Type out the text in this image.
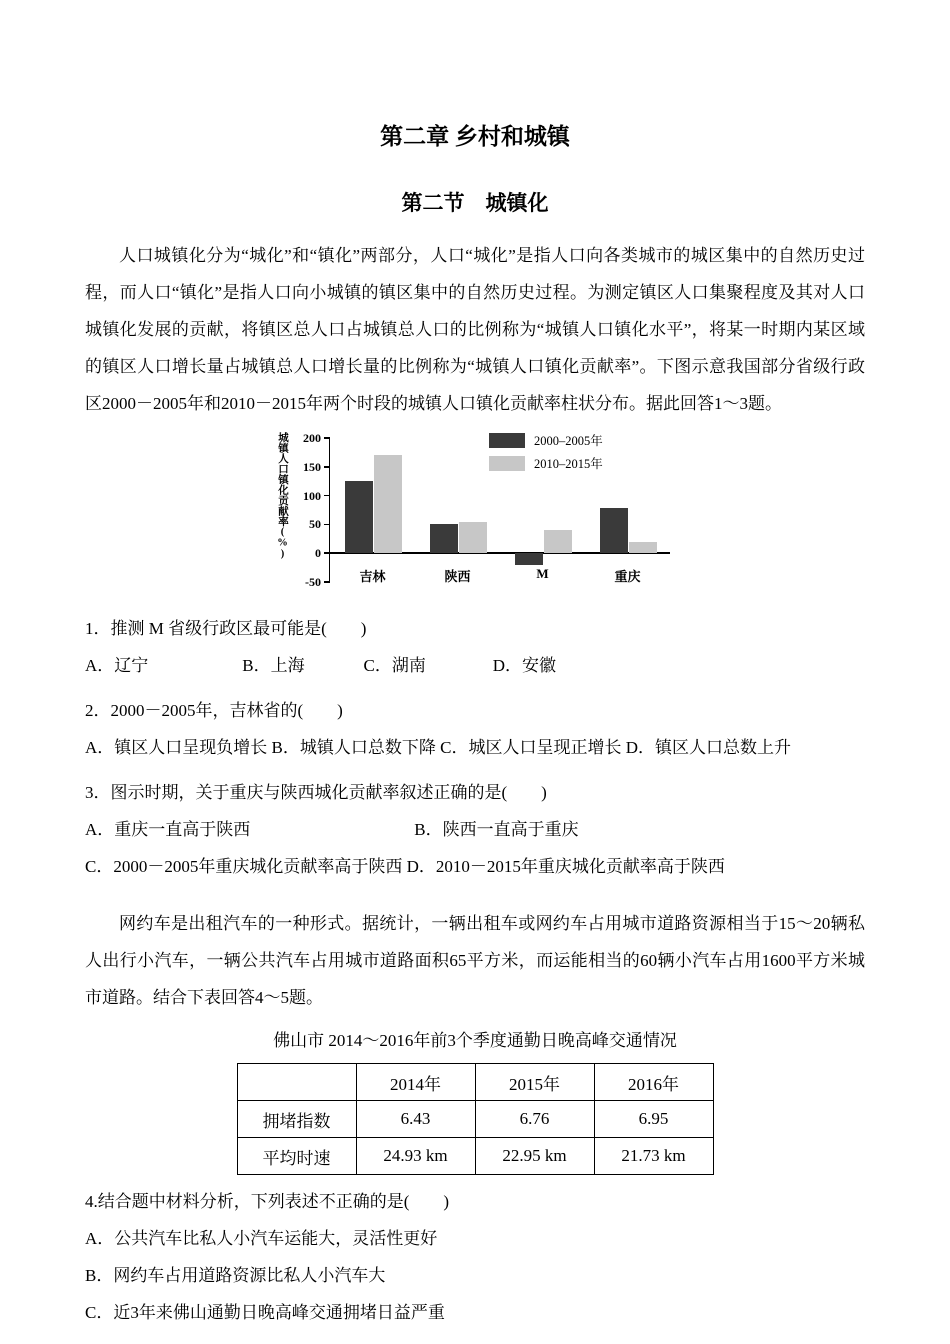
第二章 乡村和城镇
第二节　城镇化

人口城镇化分为“城化”和“镇化”两部分，人口“城化”是指人口向各类城市的城区集中的自然历史过程，而人口“镇化”是指人口向小城镇的镇区集中的自然历史过程。为测定镇区人口集聚程度及其对人口城镇化发展的贡献，将镇区总人口占城镇总人口的比例称为“城镇人口镇化水平”，将某一时期内某区域的镇区人口增长量占城镇总人口增长量的比例称为“城镇人口镇化贡献率”。下图示意我国部分省级行政区2000－2005年和2010－2015年两个时段的城镇人口镇化贡献率柱状分布。据此回答1～3题。

城镇人口镇化贡献率(%) 200
150
100
50
0
-50	吉林	陕西	M	重庆
2000–2005年
2010–2015年
1．推测 M 省级行政区最可能是(　　)
A．辽宁	B．上海	C．湖南	D．安徽
2．2000－2005年，吉林省的(　　)
A．镇区人口呈现负增长 B．城镇人口总数下降 C．城区人口呈现正增长 D．镇区人口总数上升
3．图示时期，关于重庆与陕西城化贡献率叙述正确的是(　　)
A．重庆一直高于陕西	B．陕西一直高于重庆
C．2000－2005年重庆城化贡献率高于陕西 D．2010－2015年重庆城化贡献率高于陕西

网约车是出租汽车的一种形式。据统计，一辆出租车或网约车占用城市道路资源相当于15～20辆私人出行小汽车，一辆公共汽车占用城市道路面积65平方米，而运能相当的60辆小汽车占用1600平方米城市道路。结合下表回答4～5题。

佛山市 2014～2016年前3个季度通勤日晚高峰交通情况
	2014年	2015年	2016年
拥堵指数	6.43	6.76	6.95
平均时速	24.93 km	22.95 km	21.73 km
4.结合题中材料分析，下列表述不正确的是(　　)
A．公共汽车比私人小汽车运能大，灵活性更好
B．网约车占用道路资源比私人小汽车大
C．近3年来佛山通勤日晚高峰交通拥堵日益严重
